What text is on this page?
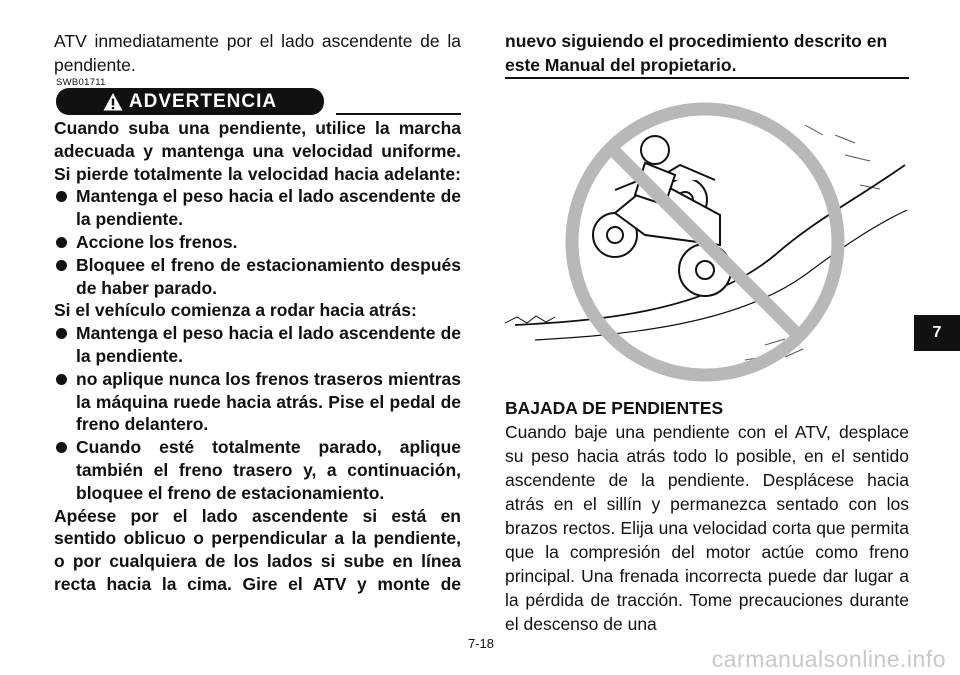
ATV inmediatamente por el lado ascendente de la pendiente.
SWB01711
ADVERTENCIA

Cuando suba una pendiente, utilice la marcha adecuada y mantenga una velocidad uniforme. Si pierde totalmente la velocidad hacia adelante:

Mantenga el peso hacia el lado ascendente de la pendiente.
Accione los frenos.
Bloquee el freno de estacionamiento después de haber parado.

Si el vehículo comienza a rodar hacia atrás:

Mantenga el peso hacia el lado ascendente de la pendiente.
no aplique nunca los frenos traseros mientras la máquina ruede hacia atrás. Pise el pedal de freno delantero.
Cuando esté totalmente parado, aplique también el freno trasero y, a continuación, bloquee el freno de estacionamiento.

Apéese por el lado ascendente si está en sentido oblicuo o perpendicular a la pendiente, o por cualquiera de los lados si sube en línea recta hacia la cima. Gire el ATV y monte de

nuevo siguiendo el procedimiento descrito en este Manual del propietario.
BAJADA DE PENDIENTES
Cuando baje una pendiente con el ATV, desplace su peso hacia atrás todo lo posible, en el sentido ascendente de la pendiente. Desplácese hacia atrás en el sillín y permanezca sentado con los brazos rectos. Elija una velocidad corta que permita que la compresión del motor actúe como freno principal. Una frenada incorrecta puede dar lugar a la pérdida de tracción. Tome precauciones durante el descenso de una
7-18
7
carmanualsonline.info
